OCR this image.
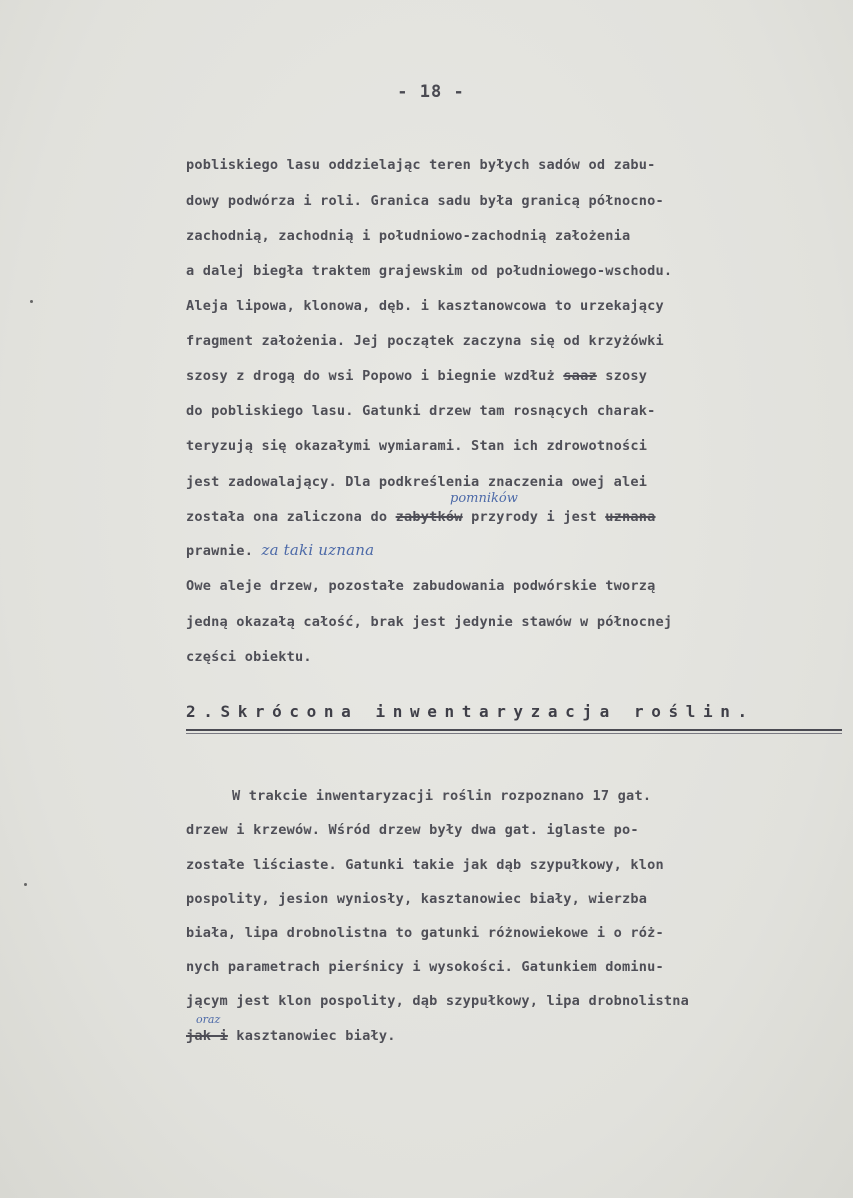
- 18 -
pobliskiego lasu oddzielając teren byłych sadów od zabu-
dowy podwórza i roli. Granica sadu była granicą północno-
zachodnią, zachodnią i południowo-zachodnią założenia
a dalej biegła traktem grajewskim od południowego-wschodu.
Aleja lipowa, klonowa, dęb. i kasztanowcowa to urzekający
fragment założenia. Jej początek zaczyna się od krzyżówki
szosy z drogą do wsi Popowo i biegnie wzdłuż saaz szosy
do pobliskiego lasu. Gatunki drzew tam rosnących charak-
teryzują się okazałymi wymiarami. Stan ich zdrowotności
jest zadowalający. Dla podkreślenia znaczenia owej alei
pomników
została ona zaliczona do zabytków przyrody i jest uznana
prawnie. za taki uznana
Owe aleje drzew, pozostałe zabudowania podwórskie tworzą
jedną okazałą całość, brak jest jedynie stawów w północnej
części obiektu.
2.Skrócona inwentaryzacja roślin.
W trakcie inwentaryzacji roślin rozpoznano 17 gat.
drzew i krzewów. Wśród drzew były dwa gat. iglaste po-
zostałe liściaste. Gatunki takie jak dąb szypułkowy, klon
pospolity, jesion wyniosły, kasztanowiec biały, wierzba
biała, lipa drobnolistna to gatunki różnowiekowe i o róż-
nych parametrach pierśnicy i wysokości. Gatunkiem dominu-
jącym jest klon pospolity, dąb szypułkowy, lipa drobnolistna
oraz
jak i kasztanowiec biały.
